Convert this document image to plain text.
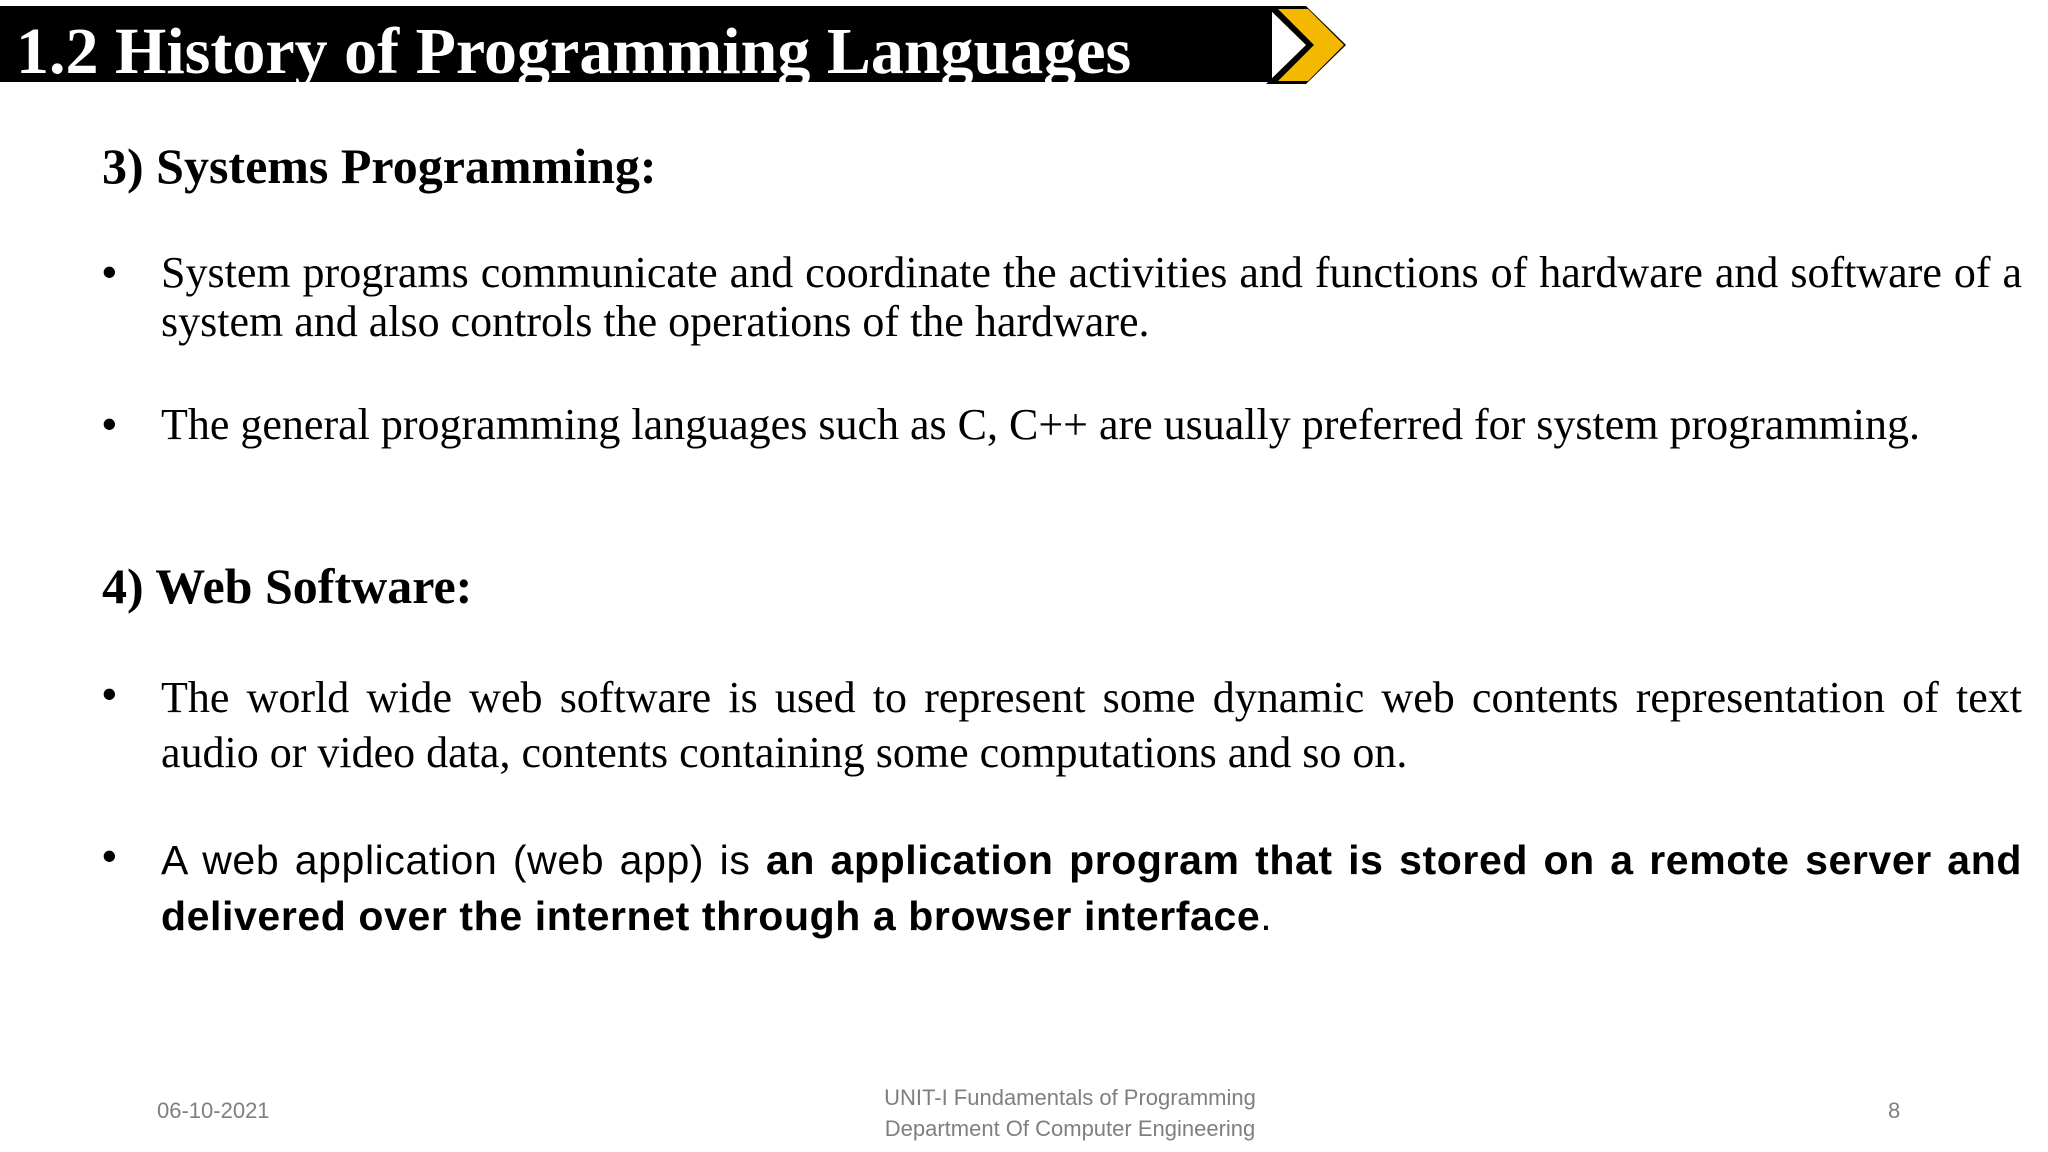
1.2 History of Programming Languages
3) Systems Programming:
• System programs communicate and coordinate the activities and functions of hardware and software of a system and also controls the operations of the hardware.
• The general programming languages such as C, C++ are usually preferred for system programming.
4) Web Software:
• The world wide web software is used to represent some dynamic web contents representation of text audio or video data, contents containing some computations and so on.
• A web application (web app) is an application program that is stored on a remote server and delivered over the internet through a browser interface.
06-10-2021
UNIT-I Fundamentals of Programming
Department Of Computer Engineering
8
